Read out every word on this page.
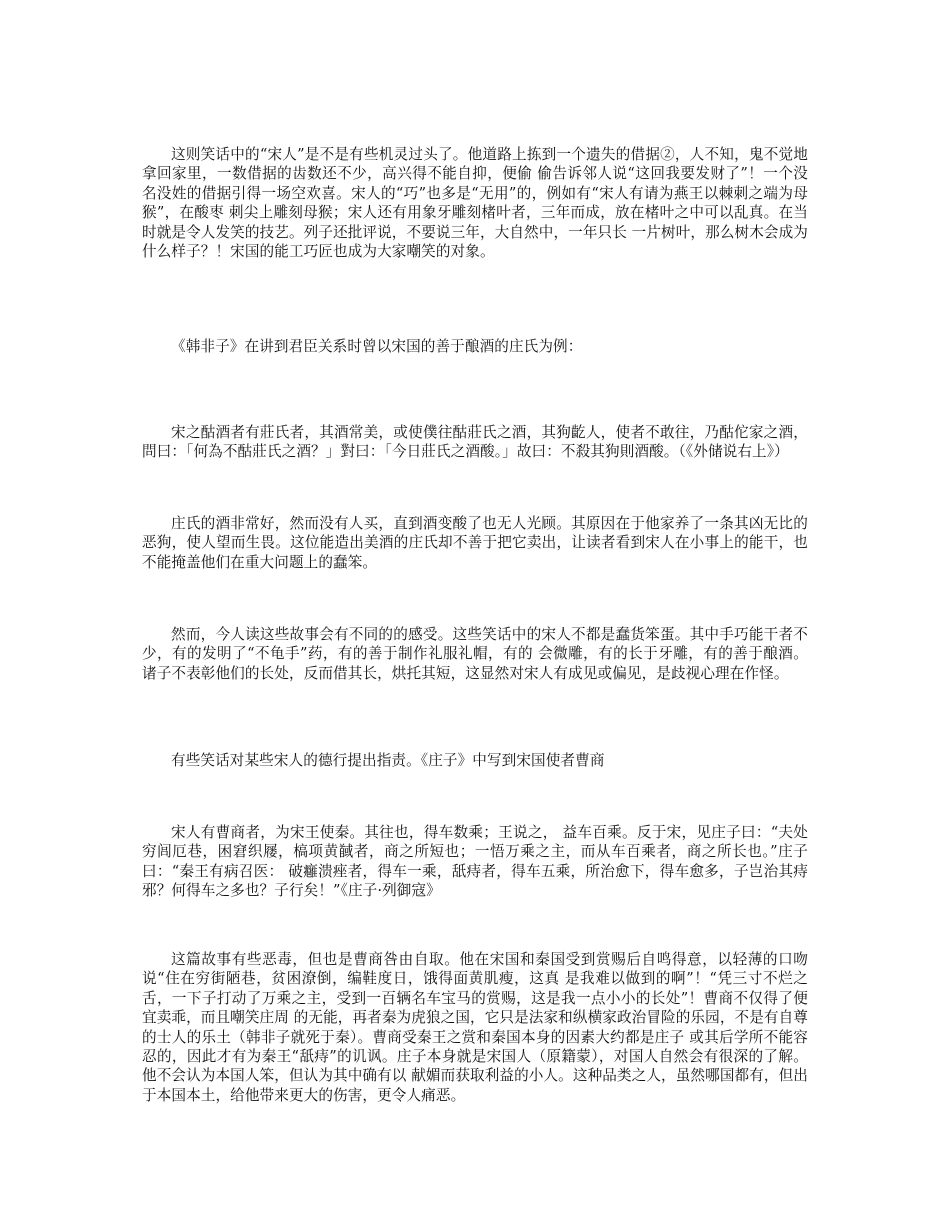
这则笑话中的“宋人”是不是有些机灵过头了。他道路上拣到一个遗失的借据②，人不知，鬼不觉地拿回家里，一数借据的齿数还不少，高兴得不能自抑，便偷 偷告诉邻人说“这回我要发财了”！一个没名没姓的借据引得一场空欢喜。宋人的“巧”也多是“无用”的，例如有“宋人有请为燕王以棘刺之端为母猴”，在酸枣 刺尖上雕刻母猴；宋人还有用象牙雕刻楮叶者，三年而成，放在楮叶之中可以乱真。在当时就是令人发笑的技艺。列子还批评说，不要说三年，大自然中，一年只长 一片树叶，那么树木会成为什么样子？！宋国的能工巧匠也成为大家嘲笑的对象。

《韩非子》在讲到君臣关系时曾以宋国的善于酿酒的庄氏为例：

宋之酤酒者有莊氏者，其酒常美，或使僕往酤莊氏之酒，其狗齕人，使者不敢往，乃酤佗家之酒，問曰：「何為不酤莊氏之酒？」對曰：「今日莊氏之酒酸。」故曰：不殺其狗則酒酸。（《外储说右上》）

庄氏的酒非常好，然而没有人买，直到酒变酸了也无人光顾。其原因在于他家养了一条其凶无比的恶狗，使人望而生畏。这位能造出美酒的庄氏却不善于把它卖出，让读者看到宋人在小事上的能干，也不能掩盖他们在重大问题上的蠢笨。

然而，今人读这些故事会有不同的的感受。这些笑话中的宋人不都是蠢货笨蛋。其中手巧能干者不少，有的发明了“不龟手”药，有的善于制作礼服礼帽，有的 会微雕，有的长于牙雕，有的善于酿酒。诸子不表彰他们的长处，反而借其长，烘托其短，这显然对宋人有成见或偏见，是歧视心理在作怪。

有些笑话对某些宋人的德行提出指责。《庄子》中写到宋国使者曹商

宋人有曹商者，为宋王使秦。其往也，得车数乘；王说之， 益车百乘。反于宋，见庄子曰：“夫处穷闾厄巷，困窘织屦，槁项黄馘者，商之所短也；一悟万乘之主，而从车百乘者，商之所长也。”庄子曰：“秦王有病召医： 破癰溃痤者，得车一乘，舐痔者，得车五乘，所治愈下，得车愈多，子岂治其痔邪？何得车之多也？子行矣！”《庄子·列御寇》

这篇故事有些恶毒，但也是曹商咎由自取。他在宋国和秦国受到赏赐后自鸣得意，以轻薄的口吻说“住在穷街陋巷，贫困潦倒，编鞋度日，饿得面黄肌瘦，这真 是我难以做到的啊”！“凭三寸不烂之舌，一下子打动了万乘之主，受到一百辆名车宝马的赏赐，这是我一点小小的长处”！曹商不仅得了便宜卖乖，而且嘲笑庄周 的无能，再者秦为虎狼之国，它只是法家和纵横家政治冒险的乐园，不是有自尊的士人的乐土（韩非子就死于秦）。曹商受秦王之赏和秦国本身的因素大约都是庄子 或其后学所不能容忍的，因此才有为秦王“舐痔”的讥讽。庄子本身就是宋国人（原籍蒙），对国人自然会有很深的了解。他不会认为本国人笨，但认为其中确有以 献媚而获取利益的小人。这种品类之人，虽然哪国都有，但出于本国本土，给他带来更大的伤害，更令人痛恶。
